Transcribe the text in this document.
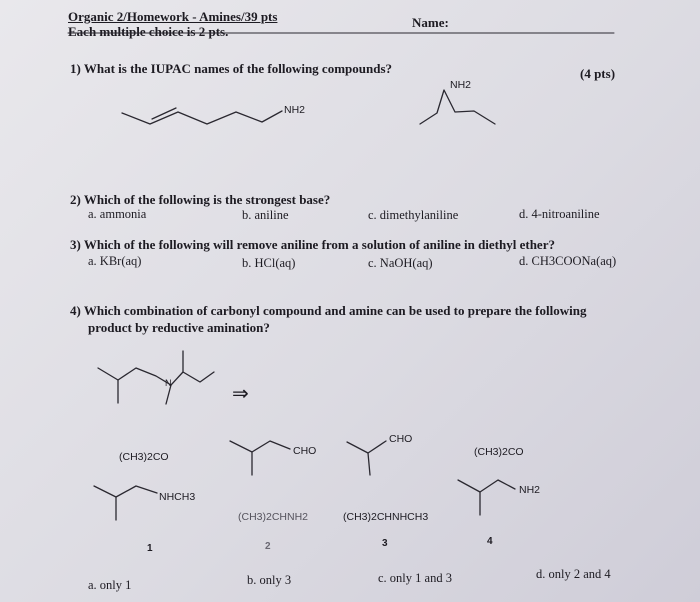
Organic 2/Homework - Amines/39 pts
Each multiple choice is 2 pts.
Name:
1) What is the IUPAC names of the following compounds?	(4 pts)
2) Which of the following is the strongest base?
a. ammonia	b. aniline	c. dimethylaniline	d. 4-nitroaniline
3) Which of the following will remove aniline from a solution of aniline in diethyl ether?
a. KBr(aq)	b. HCl(aq)	c. NaOH(aq)	d. CH3COONa(aq)
4) Which combination of carbonyl compound and amine can be used to prepare the following
product by reductive amination?
NH2
NH2
N	⇒
(CH3)2CO	CHO
CHO
(CH3)2CO
NHCH3
(CH3)2CHNH2	(CH3)2CHNHCH3
NH2
1	2	3	4
a. only 1	b. only 3	c. only 1 and 3	d. only 2 and 4
